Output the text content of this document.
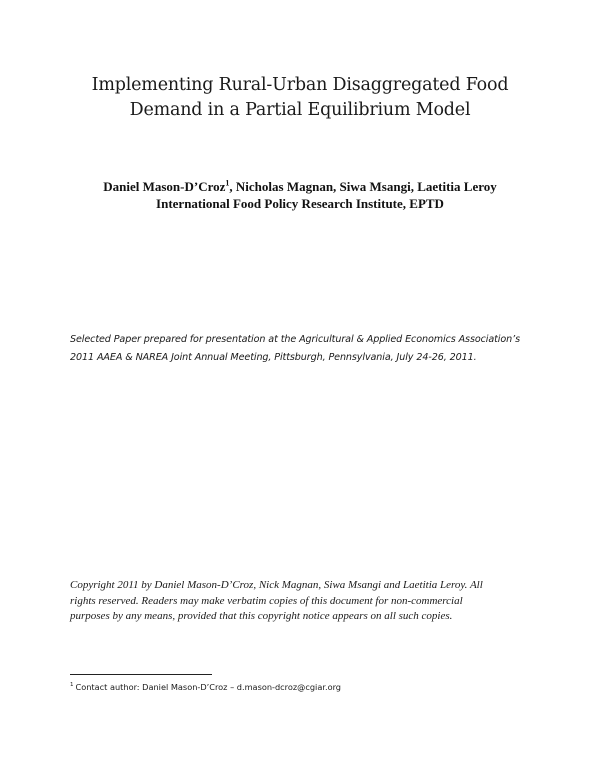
Implementing Rural-Urban Disaggregated Food
Demand in a Partial Equilibrium Model
Daniel Mason-D’Croz$^1$, Nicholas Magnan, Siwa Msangi, Laetitia Leroy
International Food Policy Research Institute, EPTD
Selected Paper prepared for presentation at the Agricultural & Applied Economics Association’s
2011 AAEA & NAREA Joint Annual Meeting, Pittsburgh, Pennsylvania, July 24-26, 2011.
Copyright 2011 by Daniel Mason-D’Croz, Nick Magnan, Siwa Msangi and Laetitia Leroy. All
rights reserved. Readers may make verbatim copies of this document for non-commercial
purposes by any means, provided that this copyright notice appears on all such copies.
$^1$ Contact author: Daniel Mason-D’Croz – d.mason-dcroz@cgiar.org
